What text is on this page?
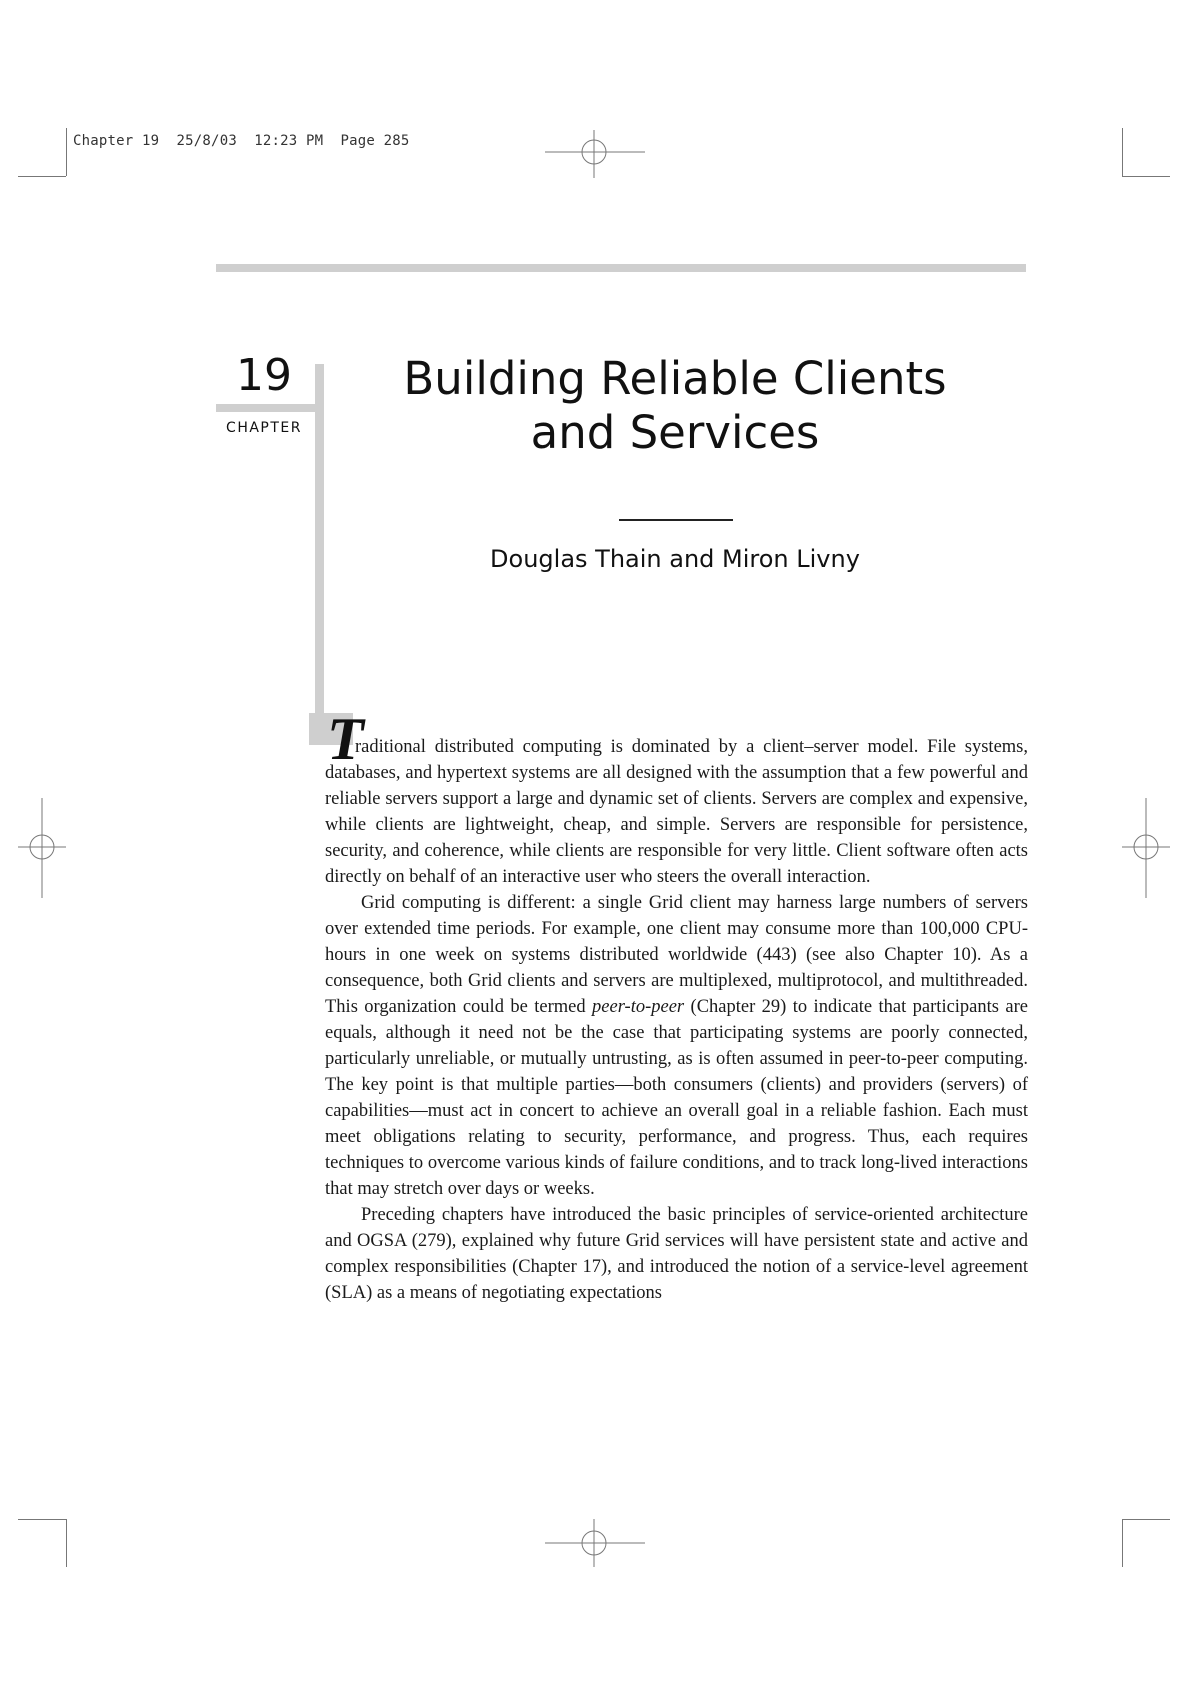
Chapter 19  25/8/03  12:23 PM  Page 285
19
CHAPTER
Building Reliable Clients and Services
Douglas Thain and Miron Livny
T

raditional distributed computing is dominated by a client–server model. File systems, databases, and hypertext systems are all designed with the assumption that a few powerful and reliable servers support a large and dynamic set of clients. Servers are complex and expensive, while clients are lightweight, cheap, and simple. Servers are responsible for persistence, security, and coherence, while clients are responsible for very little. Client software often acts directly on behalf of an interactive user who steers the overall interaction.

Grid computing is different: a single Grid client may harness large numbers of servers over extended time periods. For example, one client may consume more than 100,000 CPU-hours in one week on systems distributed worldwide (443) (see also Chapter 10). As a consequence, both Grid clients and servers are multiplexed, multiprotocol, and multithreaded. This organization could be termed peer-to-peer (Chapter 29) to indicate that participants are equals, although it need not be the case that participating systems are poorly connected, particularly unreliable, or mutually untrusting, as is often assumed in peer-to-peer computing. The key point is that multiple parties—both consumers (clients) and providers (servers) of capabilities—must act in concert to achieve an overall goal in a reliable fashion. Each must meet obligations relating to security, performance, and progress. Thus, each requires techniques to overcome various kinds of failure conditions, and to track long-lived interactions that may stretch over days or weeks.

Preceding chapters have introduced the basic principles of service-oriented architecture and OGSA (279), explained why future Grid services will have persistent state and active and complex responsibilities (Chapter 17), and introduced the notion of a service-level agreement (SLA) as a means of negotiating expectations
